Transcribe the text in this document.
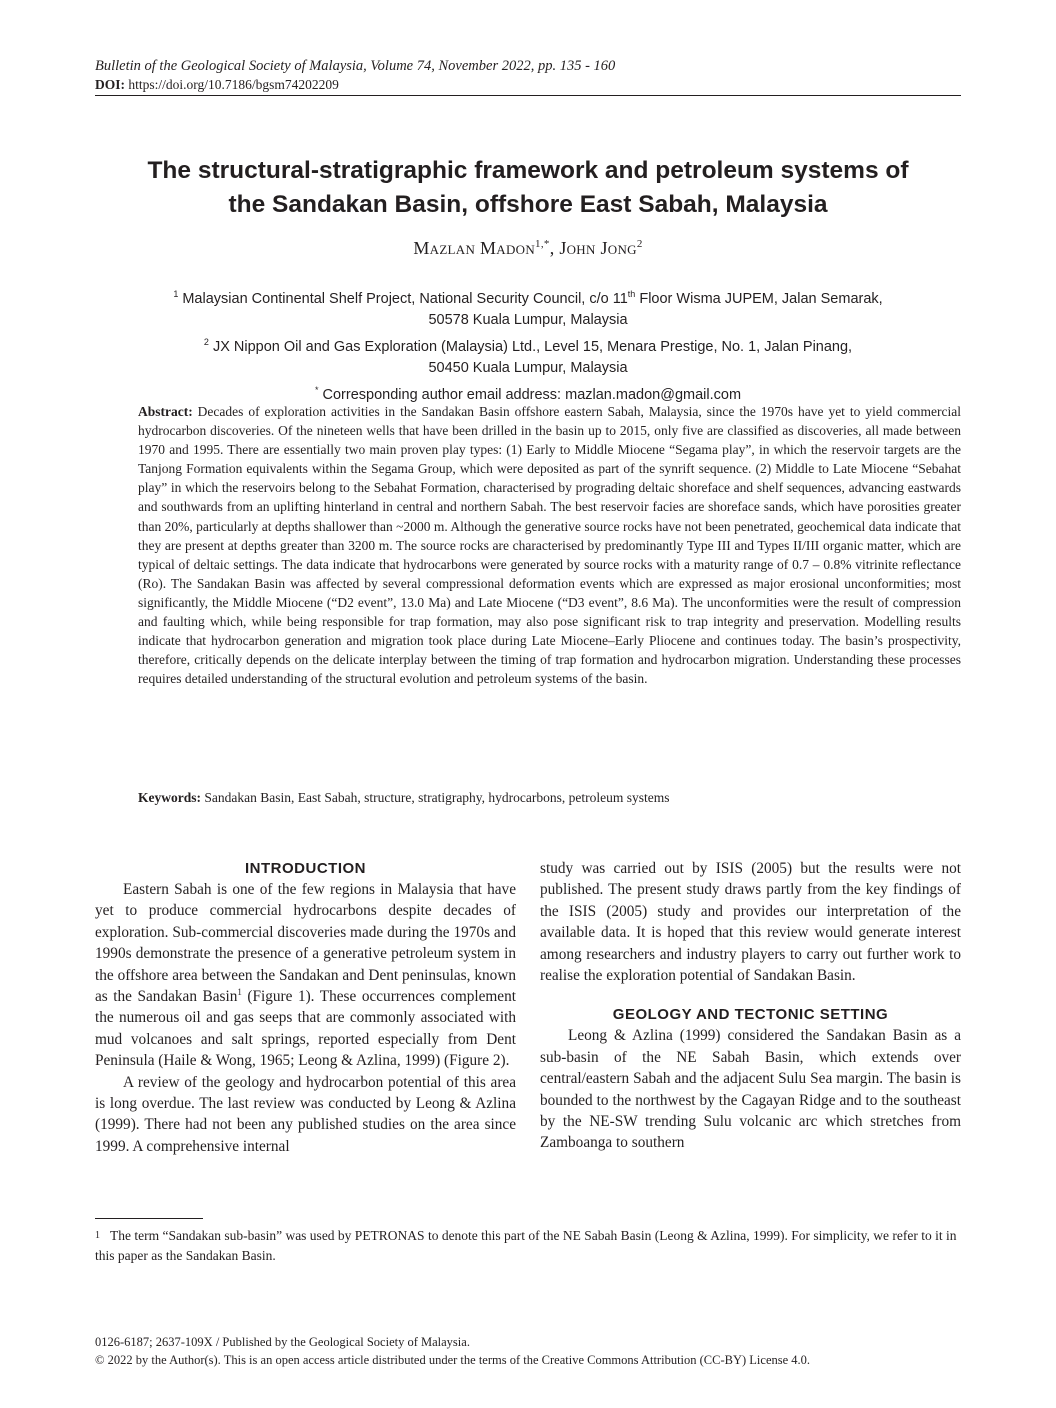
Bulletin of the Geological Society of Malaysia, Volume 74, November 2022, pp. 135 - 160
DOI: https://doi.org/10.7186/bgsm74202209
The structural-stratigraphic framework and petroleum systems of
the Sandakan Basin, offshore East Sabah, Malaysia
Mazlan Madon$^{1,*}$, John Jong$^2$
$^1$ Malaysian Continental Shelf Project, National Security Council, c/o 11th Floor Wisma JUPEM, Jalan Semarak,
50578 Kuala Lumpur, Malaysia
$^2$ JX Nippon Oil and Gas Exploration (Malaysia) Ltd., Level 15, Menara Prestige, No. 1, Jalan Pinang,
50450 Kuala Lumpur, Malaysia
* Corresponding author email address: mazlan.madon@gmail.com
Abstract: Decades of exploration activities in the Sandakan Basin offshore eastern Sabah, Malaysia, since the 1970s have yet to yield commercial hydrocarbon discoveries. Of the nineteen wells that have been drilled in the basin up to 2015, only five are classified as discoveries, all made between 1970 and 1995. There are essentially two main proven play types: (1) Early to Middle Miocene “Segama play”, in which the reservoir targets are the Tanjong Formation equivalents within the Segama Group, which were deposited as part of the synrift sequence. (2) Middle to Late Miocene “Sebahat play” in which the reservoirs belong to the Sebahat Formation, characterised by prograding deltaic shoreface and shelf sequences, advancing eastwards and southwards from an uplifting hinterland in central and northern Sabah. The best reservoir facies are shoreface sands, which have porosities greater than 20%, particularly at depths shallower than ~2000 m. Although the generative source rocks have not been penetrated, geochemical data indicate that they are present at depths greater than 3200 m. The source rocks are characterised by predominantly Type III and Types II/III organic matter, which are typical of deltaic settings. The data indicate that hydrocarbons were generated by source rocks with a maturity range of 0.7 – 0.8% vitrinite reflectance (Ro). The Sandakan Basin was affected by several compressional deformation events which are expressed as major erosional unconformities; most significantly, the Middle Miocene (“D2 event”, 13.0 Ma) and Late Miocene (“D3 event”, 8.6 Ma). The unconformities were the result of compression and faulting which, while being responsible for trap formation, may also pose significant risk to trap integrity and preservation. Modelling results indicate that hydrocarbon generation and migration took place during Late Miocene–Early Pliocene and continues today. The basin’s prospectivity, therefore, critically depends on the delicate interplay between the timing of trap formation and hydrocarbon migration. Understanding these processes requires detailed understanding of the structural evolution and petroleum systems of the basin.
Keywords: Sandakan Basin, East Sabah, structure, stratigraphy, hydrocarbons, petroleum systems
INTRODUCTION

Eastern Sabah is one of the few regions in Malaysia that have yet to produce commercial hydrocarbons despite decades of exploration. Sub-commercial discoveries made during the 1970s and 1990s demonstrate the presence of a generative petroleum system in the offshore area between the Sandakan and Dent peninsulas, known as the Sandakan Basin$^1$ (Figure 1). These occurrences complement the numerous oil and gas seeps that are commonly associated with mud volcanoes and salt springs, reported especially from Dent Peninsula (Haile & Wong, 1965; Leong & Azlina, 1999) (Figure 2).

A review of the geology and hydrocarbon potential of this area is long overdue. The last review was conducted by Leong & Azlina (1999). There had not been any published studies on the area since 1999. A comprehensive internal

study was carried out by ISIS (2005) but the results were not published. The present study draws partly from the key findings of the ISIS (2005) study and provides our interpretation of the available data. It is hoped that this review would generate interest among researchers and industry players to carry out further work to realise the exploration potential of Sandakan Basin.

GEOLOGY AND TECTONIC SETTING

Leong & Azlina (1999) considered the Sandakan Basin as a sub-basin of the NE Sabah Basin, which extends over central/eastern Sabah and the adjacent Sulu Sea margin. The basin is bounded to the northwest by the Cagayan Ridge and to the southeast by the NE-SW trending Sulu volcanic arc which stretches from Zamboanga to southern

$^1$ The term “Sandakan sub-basin” was used by PETRONAS to denote this part of the NE Sabah Basin (Leong & Azlina, 1999). For simplicity, we refer to it in this paper as the Sandakan Basin.
0126-6187; 2637-109X / Published by the Geological Society of Malaysia.
© 2022 by the Author(s). This is an open access article distributed under the terms of the Creative Commons Attribution (CC-BY) License 4.0.
